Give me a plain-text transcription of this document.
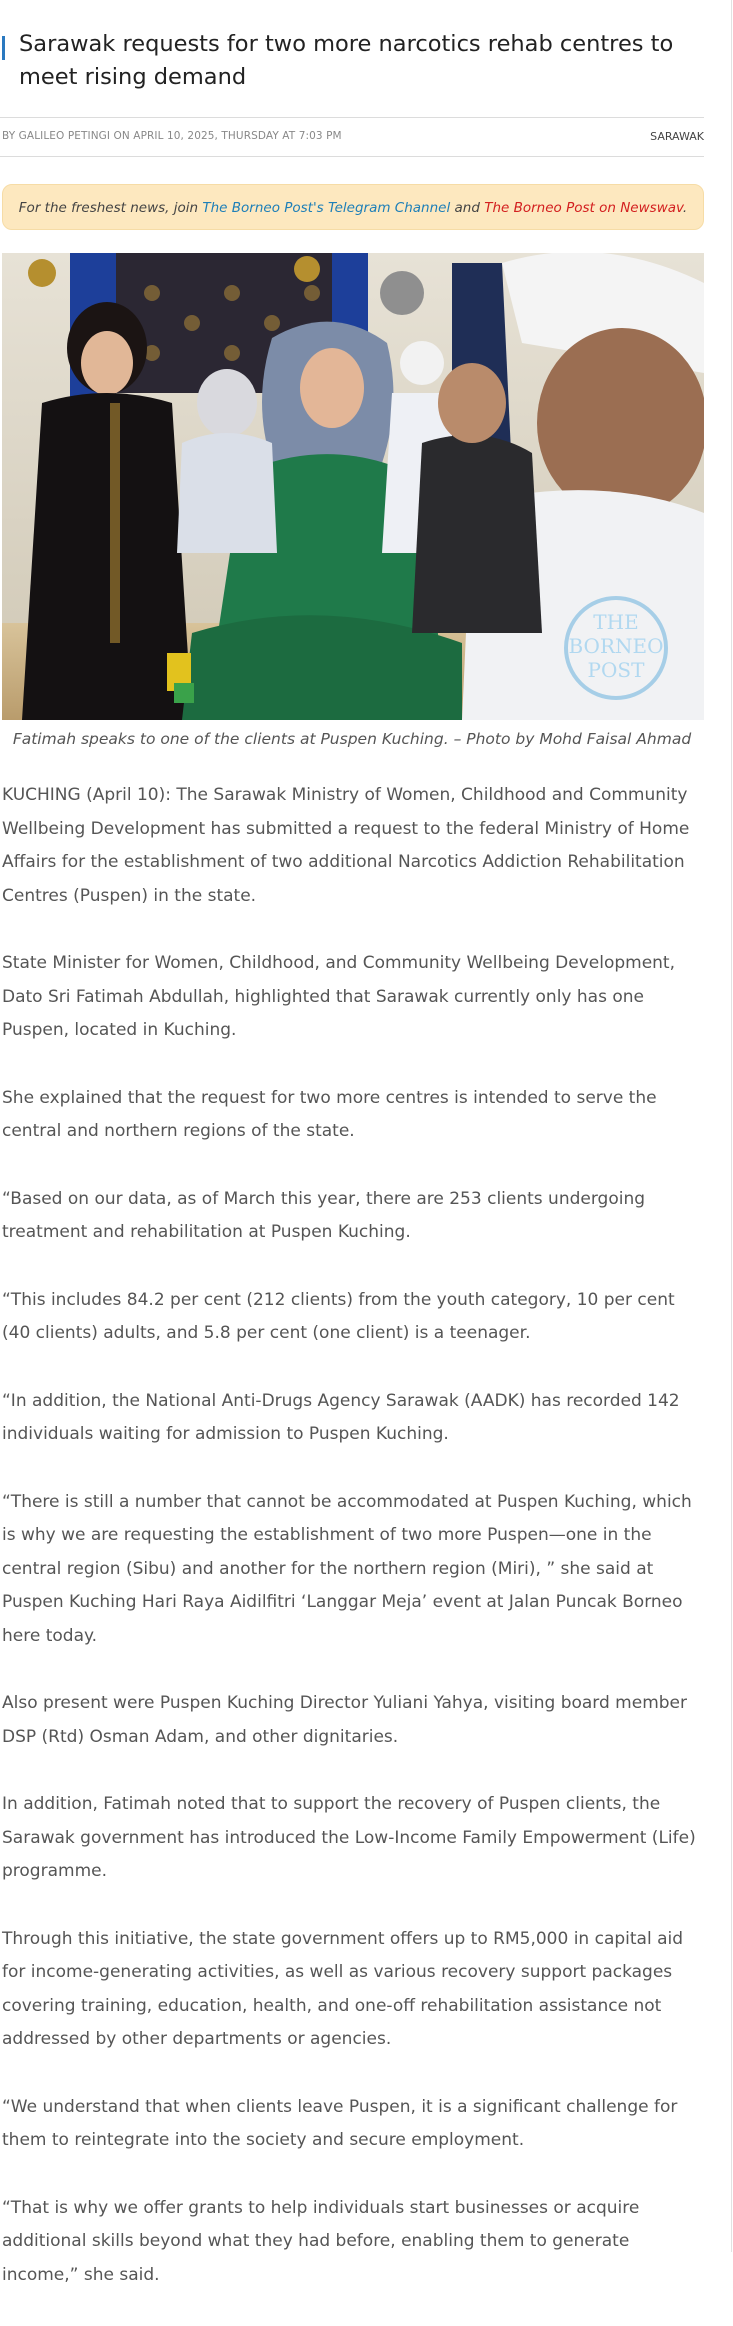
Sarawak requests for two more narcotics rehab centres to meet rising demand
BY GALILEO PETINGI ON APRIL 10, 2025, THURSDAY AT 7:03 PM	SARAWAK
For the freshest news, join The Borneo Post's Telegram Channel and The Borneo Post on Newswav.
THE
BORNEO
POST
Fatimah speaks to one of the clients at Puspen Kuching. – Photo by Mohd Faisal Ahmad

KUCHING (April 10): The Sarawak Ministry of Women, Childhood and Community Wellbeing Development has submitted a request to the federal Ministry of Home Affairs for the establishment of two additional Narcotics Addiction Rehabilitation Centres (Puspen) in the state.

State Minister for Women, Childhood, and Community Wellbeing Development, Dato Sri Fatimah Abdullah, highlighted that Sarawak currently only has one Puspen, located in Kuching.

She explained that the request for two more centres is intended to serve the central and northern regions of the state.

“Based on our data, as of March this year, there are 253 clients undergoing treatment and rehabilitation at Puspen Kuching.

“This includes 84.2 per cent (212 clients) from the youth category, 10 per cent (40 clients) adults, and 5.8 per cent (one client) is a teenager.

“In addition, the National Anti-Drugs Agency Sarawak (AADK) has recorded 142 individuals waiting for admission to Puspen Kuching.

“There is still a number that cannot be accommodated at Puspen Kuching, which is why we are requesting the establishment of two more Puspen—one in the central region (Sibu) and another for the northern region (Miri), ” she said at Puspen Kuching Hari Raya Aidilfitri ‘Langgar Meja’ event at Jalan Puncak Borneo here today.

Also present were Puspen Kuching Director Yuliani Yahya, visiting board member DSP (Rtd) Osman Adam, and other dignitaries.

In addition, Fatimah noted that to support the recovery of Puspen clients, the Sarawak government has introduced the Low-Income Family Empowerment (Life) programme.

Through this initiative, the state government offers up to RM5,000 in capital aid for income-generating activities, as well as various recovery support packages covering training, education, health, and one-off rehabilitation assistance not addressed by other departments or agencies.

“We understand that when clients leave Puspen, it is a significant challenge for them to reintegrate into the society and secure employment.

“That is why we offer grants to help individuals start businesses or acquire additional skills beyond what they had before, enabling them to generate income,” she said.
